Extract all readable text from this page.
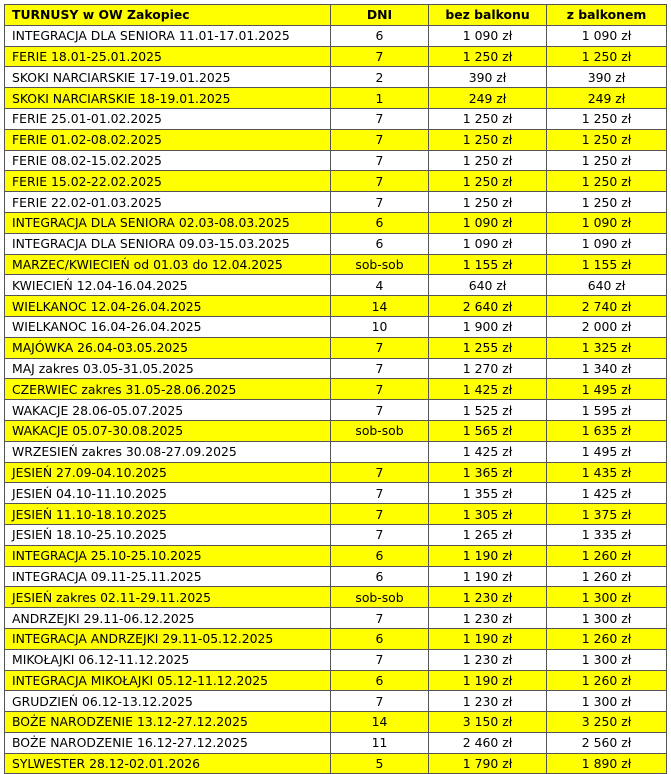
TURNUSY w OW Zakopiec	DNI	bez balkonu	z balkonem
INTEGRACJA DLA SENIORA 11.01-17.01.2025	6	1 090 zł	1 090 zł
FERIE 18.01-25.01.2025	7	1 250 zł	1 250 zł
SKOKI NARCIARSKIE 17-19.01.2025	2	390 zł	390 zł
SKOKI NARCIARSKIE 18-19.01.2025	1	249 zł	249 zł
FERIE 25.01-01.02.2025	7	1 250 zł	1 250 zł
FERIE 01.02-08.02.2025	7	1 250 zł	1 250 zł
FERIE 08.02-15.02.2025	7	1 250 zł	1 250 zł
FERIE 15.02-22.02.2025	7	1 250 zł	1 250 zł
FERIE 22.02-01.03.2025	7	1 250 zł	1 250 zł
INTEGRACJA DLA SENIORA 02.03-08.03.2025	6	1 090 zł	1 090 zł
INTEGRACJA DLA SENIORA 09.03-15.03.2025	6	1 090 zł	1 090 zł
MARZEC/KWIECIEŃ od 01.03 do 12.04.2025	sob-sob	1 155 zł	1 155 zł
KWIECIEŃ 12.04-16.04.2025	4	640 zł	640 zł
WIELKANOC 12.04-26.04.2025	14	2 640 zł	2 740 zł
WIELKANOC 16.04-26.04.2025	10	1 900 zł	2 000 zł
MAJÓWKA 26.04-03.05.2025	7	1 255 zł	1 325 zł
MAJ zakres 03.05-31.05.2025	7	1 270 zł	1 340 zł
CZERWIEC zakres 31.05-28.06.2025	7	1 425 zł	1 495 zł
WAKACJE 28.06-05.07.2025	7	1 525 zł	1 595 zł
WAKACJE 05.07-30.08.2025	sob-sob	1 565 zł	1 635 zł
WRZESIEŃ zakres 30.08-27.09.2025		1 425 zł	1 495 zł
JESIEŃ 27.09-04.10.2025	7	1 365 zł	1 435 zł
JESIEŃ 04.10-11.10.2025	7	1 355 zł	1 425 zł
JESIEŃ 11.10-18.10.2025	7	1 305 zł	1 375 zł
JESIEŃ 18.10-25.10.2025	7	1 265 zł	1 335 zł
INTEGRACJA 25.10-25.10.2025	6	1 190 zł	1 260 zł
INTEGRACJA 09.11-25.11.2025	6	1 190 zł	1 260 zł
JESIEŃ zakres 02.11-29.11.2025	sob-sob	1 230 zł	1 300 zł
ANDRZEJKI 29.11-06.12.2025	7	1 230 zł	1 300 zł
INTEGRACJA ANDRZEJKI 29.11-05.12.2025	6	1 190 zł	1 260 zł
MIKOŁAJKI 06.12-11.12.2025	7	1 230 zł	1 300 zł
INTEGRACJA MIKOŁAJKI 05.12-11.12.2025	6	1 190 zł	1 260 zł
GRUDZIEŃ 06.12-13.12.2025	7	1 230 zł	1 300 zł
BOŻE NARODZENIE 13.12-27.12.2025	14	3 150 zł	3 250 zł
BOŻE NARODZENIE 16.12-27.12.2025	11	2 460 zł	2 560 zł
SYLWESTER 28.12-02.01.2026	5	1 790 zł	1 890 zł
